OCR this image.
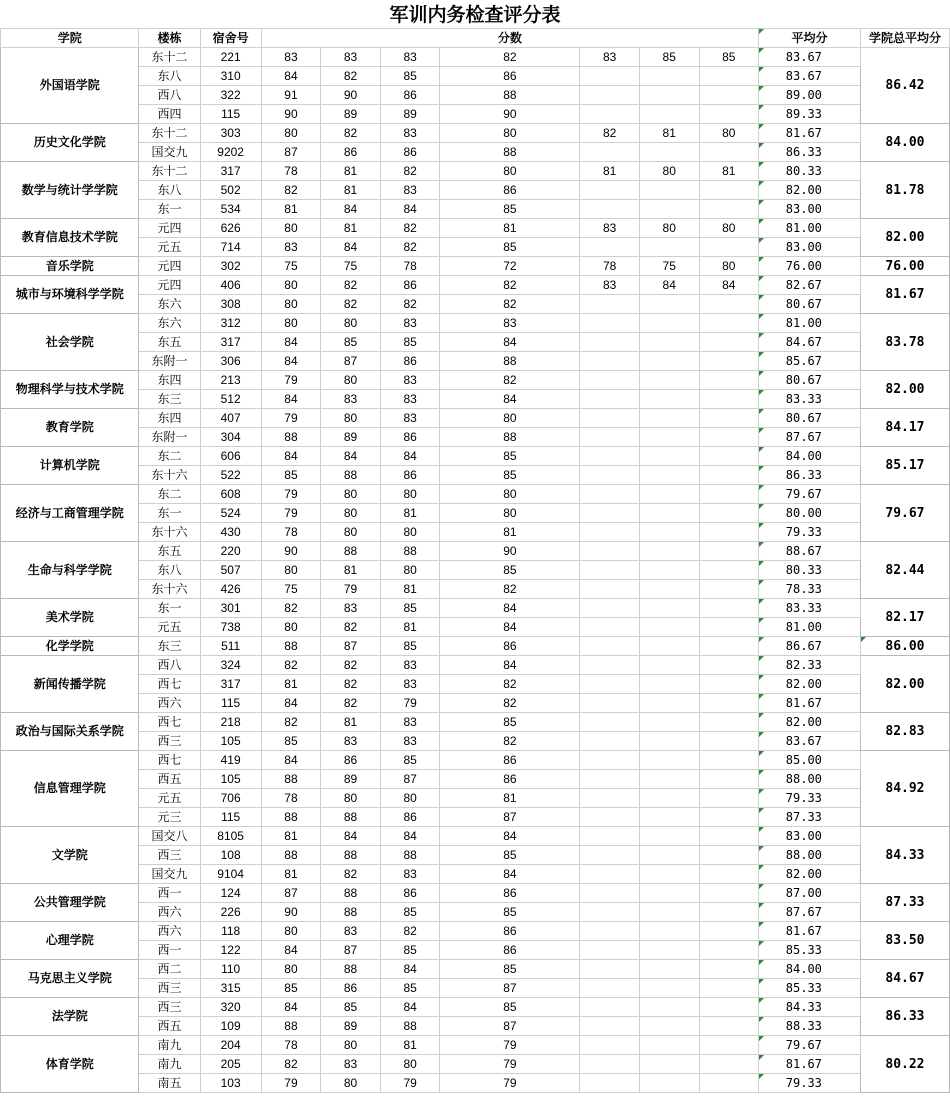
军训内务检查评分表
学院	楼栋	宿舍号	分数							平均分	学院总平均分
外国语学院	东十二	221	83	83	83	82	83	85	85	83.67	86.42
	东八	310	84	82	85	86				83.67	
	西八	322	91	90	86	88				89.00	
	西四	115	90	89	89	90				89.33	
历史文化学院	东十二	303	80	82	83	80	82	81	80	81.67	84.00
	国交九	9202	87	86	86	88				86.33	
数学与统计学学院	东十二	317	78	81	82	80	81	80	81	80.33	81.78
	东八	502	82	81	83	86				82.00	
	东一	534	81	84	84	85				83.00	
教育信息技术学院	元四	626	80	81	82	81	83	80	80	81.00	82.00
	元五	714	83	84	82	85				83.00	
音乐学院	元四	302	75	75	78	72	78	75	80	76.00	76.00
城市与环境科学学院	元四	406	80	82	86	82	83	84	84	82.67	81.67
	东六	308	80	82	82	82				80.67	
社会学院	东六	312	80	80	83	83				81.00	83.78
	东五	317	84	85	85	84				84.67	
	东附一	306	84	87	86	88				85.67	
物理科学与技术学院	东四	213	79	80	83	82				80.67	82.00
	东三	512	84	83	83	84				83.33	
教育学院	东四	407	79	80	83	80				80.67	84.17
	东附一	304	88	89	86	88				87.67	
计算机学院	东二	606	84	84	84	85				84.00	85.17
	东十六	522	85	88	86	85				86.33	
经济与工商管理学院	东二	608	79	80	80	80				79.67	79.67
	东一	524	79	80	81	80				80.00	
	东十六	430	78	80	80	81				79.33	
生命与科学学院	东五	220	90	88	88	90				88.67	82.44
	东八	507	80	81	80	85				80.33	
	东十六	426	75	79	81	82				78.33	
美术学院	东一	301	82	83	85	84				83.33	82.17
	元五	738	80	82	81	84				81.00	
化学学院	东三	511	88	87	85	86				86.67	86.00
新闻传播学院	西八	324	82	82	83	84				82.33	82.00
	西七	317	81	82	83	82				82.00	
	西六	115	84	82	79	82				81.67	
政治与国际关系学院	西七	218	82	81	83	85				82.00	82.83
	西三	105	85	83	83	82				83.67	
信息管理学院	西七	419	84	86	85	86				85.00	84.92
	西五	105	88	89	87	86				88.00	
	元五	706	78	80	80	81				79.33	
	元三	115	88	88	86	87				87.33	
文学院	国交八	8105	81	84	84	84				83.00	84.33
	西三	108	88	88	88	85				88.00	
	国交九	9104	81	82	83	84				82.00	
公共管理学院	西一	124	87	88	86	86				87.00	87.33
	西六	226	90	88	85	85				87.67	
心理学院	西六	118	80	83	82	86				81.67	83.50
	西一	122	84	87	85	86				85.33	
马克思主义学院	西二	110	80	88	84	85				84.00	84.67
	西三	315	85	86	85	87				85.33	
法学院	西三	320	84	85	84	85				84.33	86.33
	西五	109	88	89	88	87				88.33	
体育学院	南九	204	78	80	81	79				79.67	80.22
	南九	205	82	83	80	79				81.67	
	南五	103	79	80	79	79				79.33	
